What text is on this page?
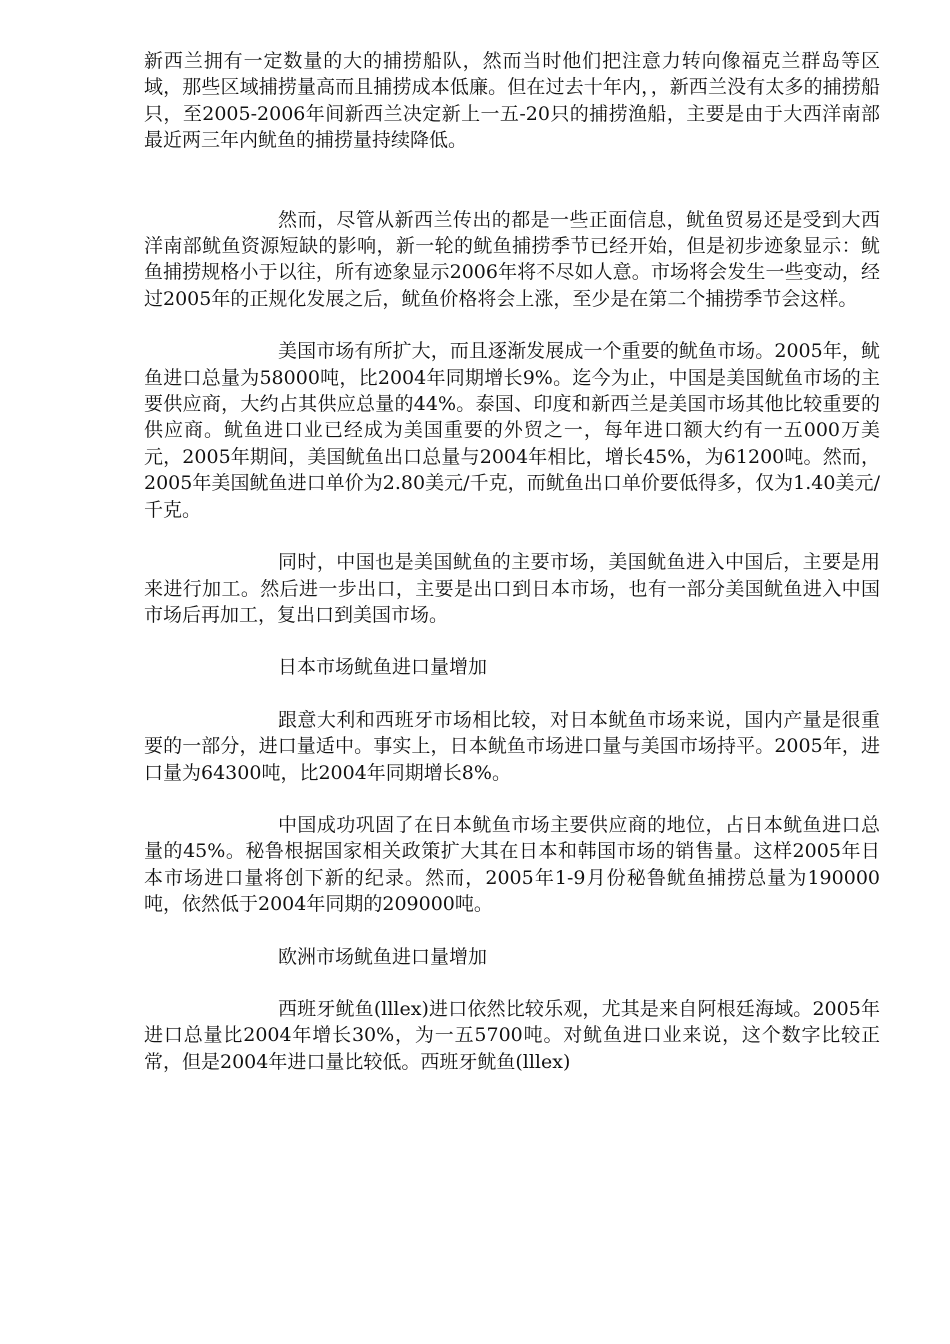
新西兰拥有一定数量的大的捕捞船队，然而当时他们把注意力转向像福克兰群岛等区域，那些区域捕捞量高而且捕捞成本低廉。但在过去十年内，，新西兰没有太多的捕捞船只，至2005-2006年间新西兰决定新上一五-20只的捕捞渔船，主要是由于大西洋南部最近两三年内鱿鱼的捕捞量持续降低。

然而，尽管从新西兰传出的都是一些正面信息，鱿鱼贸易还是受到大西洋南部鱿鱼资源短缺的影响，新一轮的鱿鱼捕捞季节已经开始，但是初步迹象显示：鱿鱼捕捞规格小于以往，所有迹象显示2006年将不尽如人意。市场将会发生一些变动，经过2005年的正规化发展之后，鱿鱼价格将会上涨，至少是在第二个捕捞季节会这样。

美国市场有所扩大，而且逐渐发展成一个重要的鱿鱼市场。2005年，鱿鱼进口总量为58000吨，比2004年同期增长9%。迄今为止，中国是美国鱿鱼市场的主要供应商，大约占其供应总量的44%。泰国、印度和新西兰是美国市场其他比较重要的供应商。鱿鱼进口业已经成为美国重要的外贸之一，每年进口额大约有一五000万美元，2005年期间，美国鱿鱼出口总量与2004年相比，增长45%，为61200吨。然而，2005年美国鱿鱼进口单价为2.80美元/千克，而鱿鱼出口单价要低得多，仅为1.40美元/千克。

同时，中国也是美国鱿鱼的主要市场，美国鱿鱼进入中国后，主要是用来进行加工。然后进一步出口，主要是出口到日本市场，也有一部分美国鱿鱼进入中国市场后再加工，复出口到美国市场。

日本市场鱿鱼进口量增加

跟意大利和西班牙市场相比较，对日本鱿鱼市场来说，国内产量是很重要的一部分，进口量适中。事实上，日本鱿鱼市场进口量与美国市场持平。2005年，进口量为64300吨，比2004年同期增长8%。

中国成功巩固了在日本鱿鱼市场主要供应商的地位，占日本鱿鱼进口总量的45%。秘鲁根据国家相关政策扩大其在日本和韩国市场的销售量。这样2005年日本市场进口量将创下新的纪录。然而，2005年1-9月份秘鲁鱿鱼捕捞总量为190000吨，依然低于2004年同期的209000吨。

欧洲市场鱿鱼进口量增加

西班牙鱿鱼(lllex)进口依然比较乐观，尤其是来自阿根廷海域。2005年进口总量比2004年增长30%，为一五5700吨。对鱿鱼进口业来说，这个数字比较正常，但是2004年进口量比较低。西班牙鱿鱼(lllex)
